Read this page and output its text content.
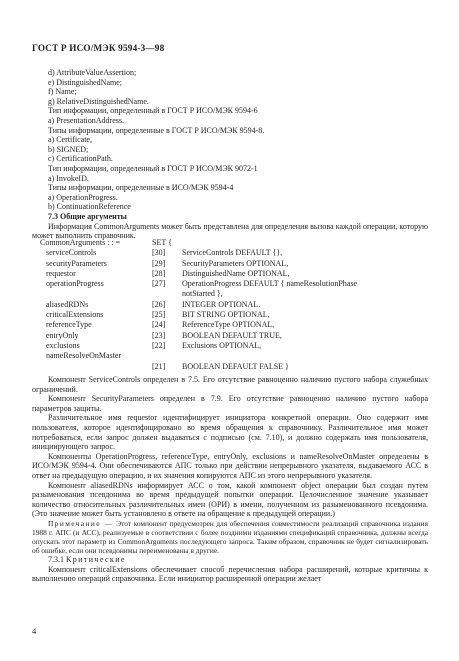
ГОСТ Р ИСО/МЭК 9594-3—98
d) AttributeValueAssertion;
e) DistinguishedName;
f) Name;
g) RelativeDistinguishedName.
Тип информации, определенный в ГОСТ Р ИСО/МЭК 9594-6
a) PresentationAddress.
Типы информации, определенные в ГОСТ Р ИСО/МЭК 9594-8.
a) Certificate,
b) SIGNED;
c) CertificationPath.
Тип информации, определенный в ГОСТ Р ИСО/МЭК 9072-1
a) InvokeID.
Типы информации, определенные в ИСО/МЭК 9594-4
a) OperationProgress.
b) ContinuationReference
7.3 Общие аргументы
Информация CommonArguments может быть представлена для определения вызова каждой операции, которую может выполнить справочник.
CommonArguments : : =	SET {
serviceControls	[30] ServiceControls DEFAULT {},
securityParameters	[29] SecurityParameters OPTIONAL,
requestor	[28] DistinguishedName OPTIONAL,
operationProgress	[27] OperationProgress DEFAULT { nameResolutionPhase
notStarted },
aliasedRDNs	[26] INTEGER OPTIONAL.
criticalExtensions	[25] BIT STRING OPTIONAL,
referenceType	[24] ReferenceType OPTIONAL,
entryOnly	[23] BOOLEAN DEFAULT TRUE,
exclusions	[22] Exclusions OPTIONAL,
nameResolveOnMaster
[21] BOOLEAN DEFAULT FALSE }
Компонент ServiceControls определен в 7.5. Его отсутствие равноценно наличию пустого набора служебных ограничений.
Компонент SecurityParameters определен в 7.9. Его отсутствие равноценно наличию пустого набора параметров защиты.
Различительное имя requestor идентифицирует инициатора конкретной операции. Оно содержит имя пользователя, которое идентифицировано во время обращения к справочнику. Различительное имя может потребоваться, если запрос должен выдаваться с подписью (см. 7.10), и должно содержать имя пользователя, инициирующего запрос.
Компоненты OperationProgress, referenceType, entryOnly, exclusions и nameResolveOnMaster определены в ИСО/МЭК 9594-4. Они обеспечиваются АПС только при действии непрерывного указателя, выдаваемого АСС в ответ на предыдущую операцию, и их значения копируются АПС из этого непрерывного указателя.
Компонент aliasedRDNs информирует АСС о том, какой компонент object операции был создан путем разыменования псевдонима во время предыдущей попытки операции. Целочисленное значение указывает количество относительных различительных имен (ОРИ) в имени, полученном из разыменованного псевдонима. (Это значение может быть установлено в ответе на обращение к предыдущей операции.)
Примечание — Этот компонент предусмотрен для обеспечения совместимости реализаций справочника издания 1988 г. АПС (и АСС), реализуемые в соответствии с более поздними изданиями спецификаций справочника, должны всегда опускать этот параметр из CommonArguments последующего запроса. Таким образом, справочник не будет сигнализировать об ошибке, если они псевдонимы переименованы в другие.
7.3.1 Критические
Компонент criticalExtensions обеспечивает способ перечисления набора расширений, которые критичны к выполнению операций справочника. Если инициатор расширенной операции желает
4
